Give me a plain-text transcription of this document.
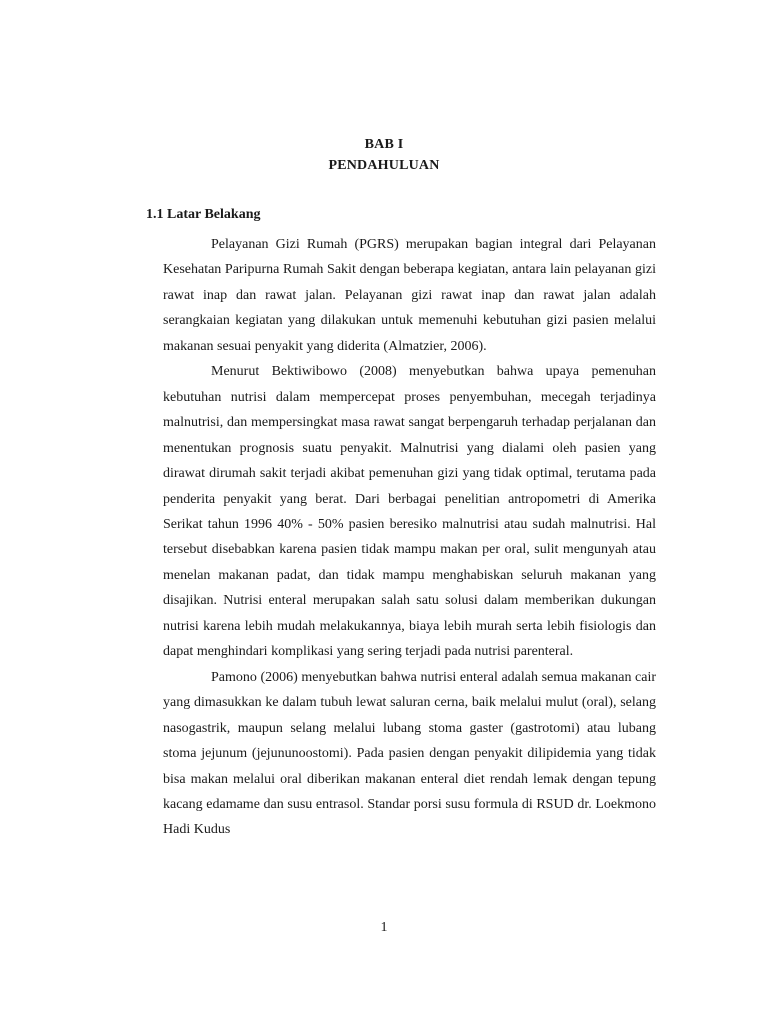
BAB I
PENDAHULUAN
1.1 Latar Belakang

Pelayanan Gizi Rumah (PGRS) merupakan bagian integral dari Pelayanan Kesehatan Paripurna Rumah Sakit dengan beberapa kegiatan, antara lain pelayanan gizi rawat inap dan rawat jalan. Pelayanan gizi rawat inap dan rawat jalan adalah serangkaian kegiatan yang dilakukan untuk memenuhi kebutuhan gizi pasien melalui makanan sesuai penyakit yang diderita (Almatzier, 2006).

Menurut Bektiwibowo (2008) menyebutkan bahwa upaya pemenuhan kebutuhan nutrisi dalam mempercepat proses penyembuhan, mecegah terjadinya malnutrisi, dan mempersingkat masa rawat sangat berpengaruh terhadap perjalanan dan menentukan prognosis suatu penyakit. Malnutrisi yang dialami oleh pasien yang dirawat dirumah sakit terjadi akibat pemenuhan gizi yang tidak optimal, terutama pada penderita penyakit yang berat. Dari berbagai penelitian antropometri di Amerika Serikat tahun 1996 40% - 50% pasien beresiko malnutrisi atau sudah malnutrisi. Hal tersebut disebabkan karena pasien tidak mampu makan per oral, sulit mengunyah atau menelan makanan padat, dan tidak mampu menghabiskan seluruh makanan yang disajikan. Nutrisi enteral merupakan salah satu solusi dalam memberikan dukungan nutrisi karena lebih mudah melakukannya, biaya lebih murah serta lebih fisiologis dan dapat menghindari komplikasi yang sering terjadi pada nutrisi parenteral.

Pamono (2006) menyebutkan bahwa nutrisi enteral adalah semua makanan cair yang dimasukkan ke dalam tubuh lewat saluran cerna, baik melalui mulut (oral), selang nasogastrik, maupun selang melalui lubang stoma gaster (gastrotomi) atau lubang stoma jejunum (jejununoostomi). Pada pasien dengan penyakit dilipidemia yang tidak bisa makan melalui oral diberikan makanan enteral diet rendah lemak dengan tepung kacang edamame dan susu entrasol. Standar porsi susu formula di RSUD dr. Loekmono Hadi Kudus

1
